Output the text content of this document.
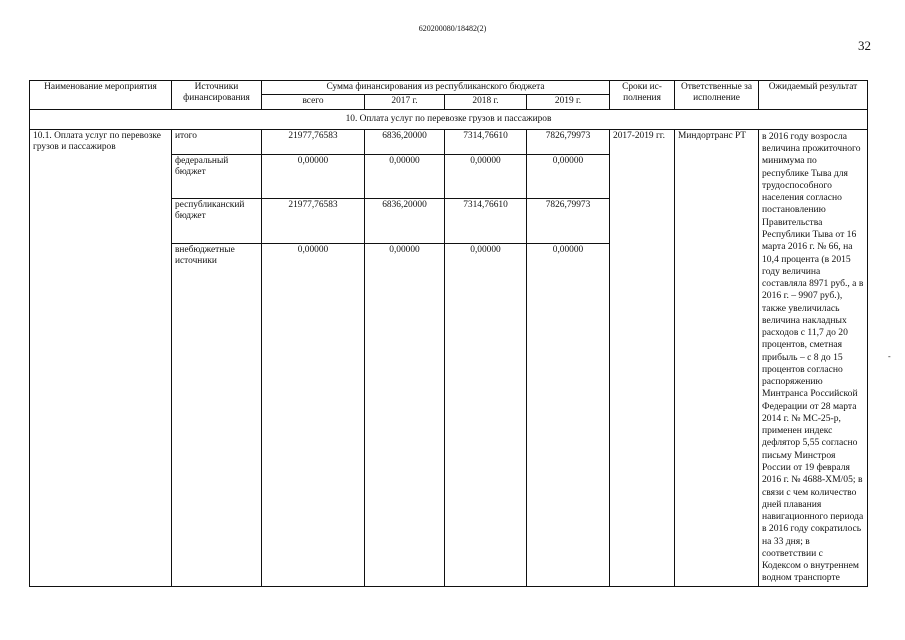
620200080/18482(2)
32
Наименование мероприятия	Источники финансирования	Сумма финансирования из республиканского бюджета				Сроки ис-полнения	Ответственные за исполнение	Ожидаемый результат
		всего	2017 г.	2018 г.	2019 г.			
10. Оплата услуг по перевозке грузов и пассажиров								
10.1. Оплата услуг по перевозке грузов и пассажиров	итого	21977,76583	6836,20000	7314,76610	7826,79973	2017-2019 гг.	Миндортранс РТ	в 2016 году возросла величина прожиточного минимума по республике Тыва для трудоспособного населения согласно постановлению Правительства Республики Тыва от 16 марта 2016 г. № 66, на 10,4 процента (в 2015 году величина составляла 8971 руб., а в 2016 г. – 9907 руб.), также увеличилась величина накладных расходов с 11,7 до 20 процентов, сметная прибыль – с 8 до 15 процентов согласно распоряжению Минтранса Российской Федерации от 28 марта 2014 г. № МС-25-р, применен индекс дефлятор 5,55 согласно письму Минстроя России от 19 февраля 2016 г. № 4688-ХМ/05; в связи с чем количество дней плавания навигационного периода в 2016 году сократилось на 33 дня; в соответствии с Кодексом о внутреннем водном транспорте
	федеральный бюджет	0,00000	0,00000	0,00000	0,00000			
	республиканский бюджет	21977,76583	6836,20000	7314,76610	7826,79973			
	внебюджетные источники	0,00000	0,00000	0,00000	0,00000			
-
